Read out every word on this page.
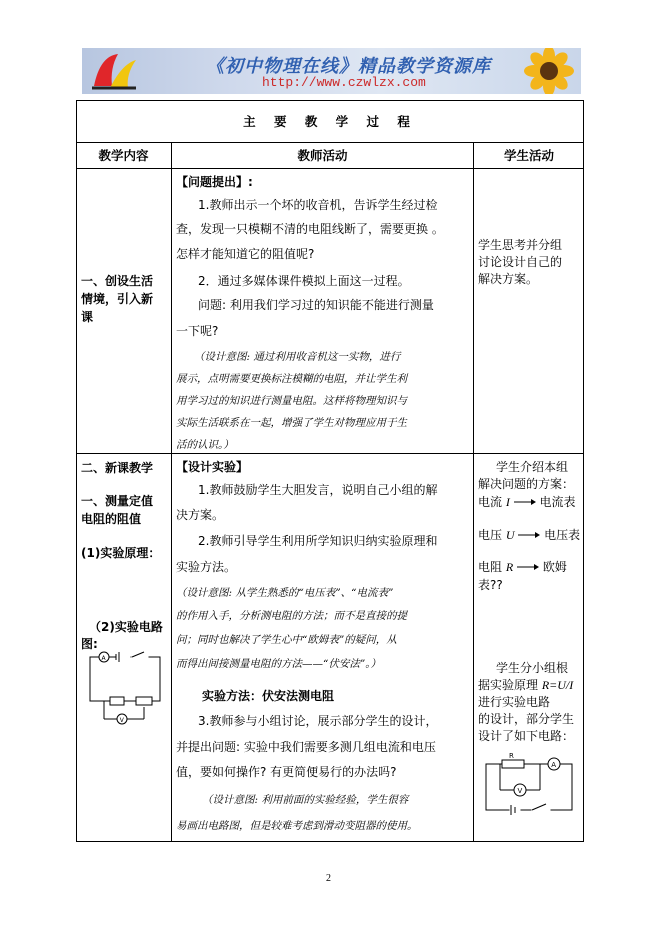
《初中物理在线》精品教学资源库
http://www.czwlzx.com
主 要 教 学 过 程
教学内容	教师活动	学生活动
一、创设生活
情境，引入新
课
【问题提出】:
1.教师出示一个坏的收音机，告诉学生经过检
查，发现一只模糊不清的电阻线断了，需要更换 。
怎样才能知道它的阻值呢?
2．通过多媒体课件模拟上面这一过程。
问题: 利用我们学习过的知识能不能进行测量
一下呢?
（设计意图: 通过利用收音机这一实物，进行
展示，点明需要更换标注模糊的电阻，并让学生利
用学习过的知识进行测量电阻。这样将物理知识与
实际生活联系在一起，增强了学生对物理应用于生
活的认识。）
学生思考并分组
讨论设计自己的
解决方案。
二、新课教学
一、测量定值
电阻的阻值
(1)实验原理：
（2)实验电路
图:
A
V
【设计实验】
1.教师鼓励学生大胆发言，说明自己小组的解
决方案。
2.教师引导学生利用所学知识归纳实验原理和
实验方法。
（设计意图: 从学生熟悉的“电压表”、“电流表”
的作用入手，分析测电阻的方法；而不是直接的提
问；同时也解决了学生心中“欧姆表”的疑问，从
而得出间接测量电阻的方法——“伏安法”。）
实验方法：伏安法测电阻
3.教师参与小组讨论，展示部分学生的设计，
并提出问题: 实验中我们需要多测几组电流和电压
值，要如何操作? 有更简便易行的办法吗?
（设计意图: 利用前面的实验经验，学生很容
易画出电路图，但是较难考虑到滑动变阻器的使用。
学生介绍本组
解决问题的方案：
电流 I 电流表
电压 U 电压表
电阻 R 欧姆
表??
学生分小组根
据实验原理 R=U/I
进行实验电路
的设计，部分学生
设计了如下电路：
R
A
V
2
